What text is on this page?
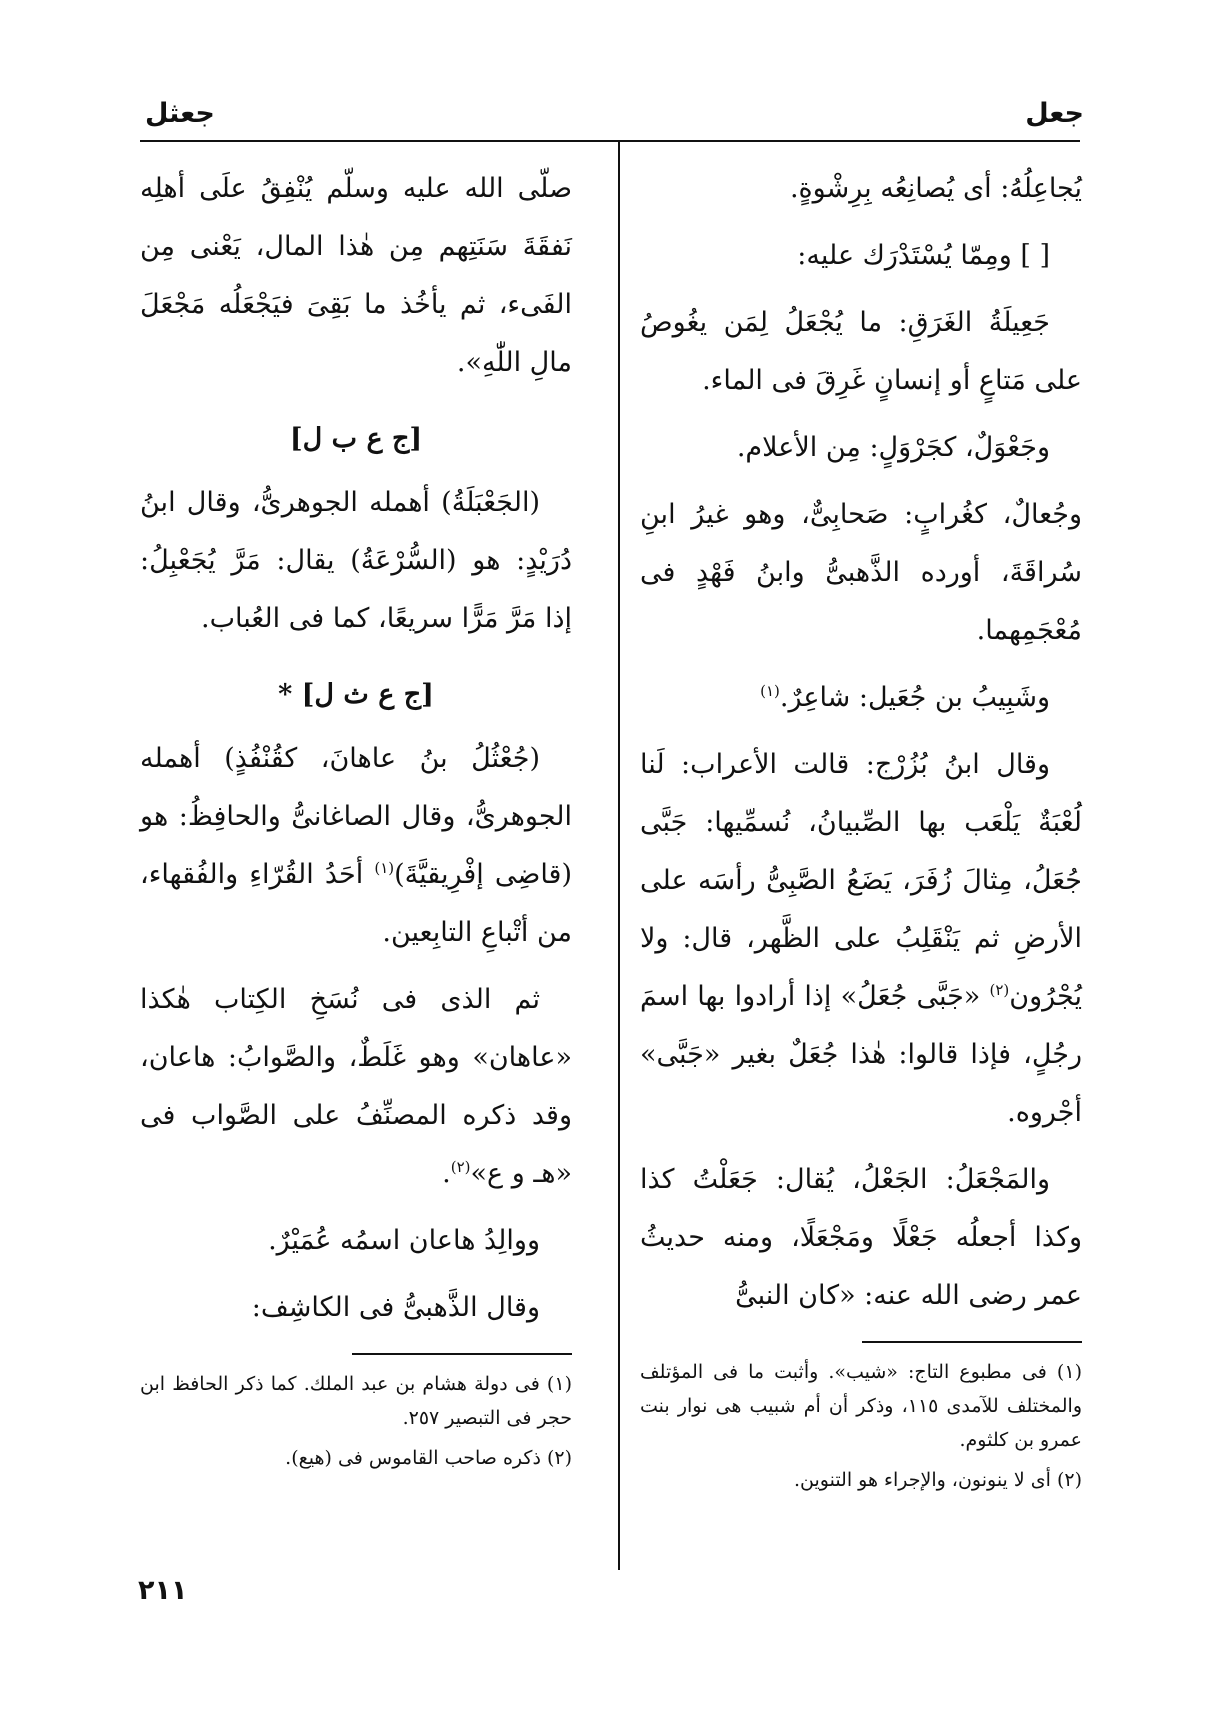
جعل
جعثل

يُجاعِلُهُ: أى يُصانِعُه بِرِشْوةٍ.

[ ] ومِمّا يُسْتَدْرَك عليه:

جَعِيلَةُ الغَرَقِ: ما يُجْعَلُ لِمَن يغُوصُ على مَتاعٍ أو إنسانٍ غَرِقَ فى الماء.

وجَعْوَلٌ، كجَرْوَلٍ: مِن الأعلام.

وجُعالٌ، كغُرابٍ: صَحابِىٌّ، وهو غيرُ ابنِ سُراقَةَ، أورده الذَّهبىُّ وابنُ فَهْدٍ فى مُعْجَمِهما.

وشَبِيبُ بن جُعَيل: شاعِرٌ.$^{(١)}$

وقال ابنُ بُزُرْج: قالت الأعراب: لَنا لُعْبَةٌ يَلْعَب بها الصِّبيانُ، نُسمِّيها: جَبَّى جُعَلُ، مِثالَ زُفَرَ، يَضَعُ الصَّبِىُّ رأسَه على الأرضِ ثم يَنْقَلِبُ على الظَّهر، قال: ولا يُجْرُون$^{(٢)}$ «جَبَّى جُعَلُ» إذا أرادوا بها اسمَ رجُلٍ، فإذا قالوا: هٰذا جُعَلٌ بغير «جَبَّى» أجْروه.

والمَجْعَلُ: الجَعْلُ، يُقال: جَعَلْتُ كذا وكذا أجعلُه جَعْلًا ومَجْعَلًا، ومنه حديثُ عمر رضى الله عنه: «كان النبىُّ

(١) فى مطبوع التاج: «شيب». وأثبت ما فى المؤتلف والمختلف للآمدى ١١٥، وذكر أن أم شبيب هى نوار بنت عمرو بن كلثوم.

(٢) أى لا ينونون، والإجراء هو التنوين.

صلّى الله عليه وسلّم يُنْفِقُ علَى أهلِه نَفقَةَ سَنَتِهم مِن هٰذا المال، يَعْنى مِن الفَىء، ثم يأخُذ ما بَقِىَ فيَجْعَلُه مَجْعَلَ مالِ اللّٰهِ».

[ج ع ب ل]

(الجَعْبَلَةُ) أهمله الجوهرىُّ، وقال ابنُ دُرَيْدٍ: هو (السُّرْعَةُ) يقال: مَرَّ يُجَعْبِلُ: إذا مَرَّ مَرًّا سريعًا، كما فى العُباب.

[ج ع ث ل] *

(جُعْثُلُ بنُ عاهانَ، كقُنْفُذٍ) أهمله الجوهرىُّ، وقال الصاغانىُّ والحافِظُ: هو (قاضِى إفْرِيقيَّةَ)$^{(١)}$ أحَدُ القُرّاءِ والفُقهاء، من أتْباعِ التابِعين.

ثم الذى فى نُسَخِ الكِتاب هٰكذا «عاهان» وهو غَلَطٌ، والصَّوابُ: هاعان، وقد ذكره المصنِّفُ على الصَّواب فى «هـ و ع»$^{(٢)}$.

ووالِدُ هاعان اسمُه عُمَيْرٌ.

وقال الذَّهبىُّ فى الكاشِف:

(١) فى دولة هشام بن عبد الملك. كما ذكر الحافظ ابن حجر فى التبصير ٢٥٧.

(٢) ذكره صاحب القاموس فى (هيع).

٢١١
